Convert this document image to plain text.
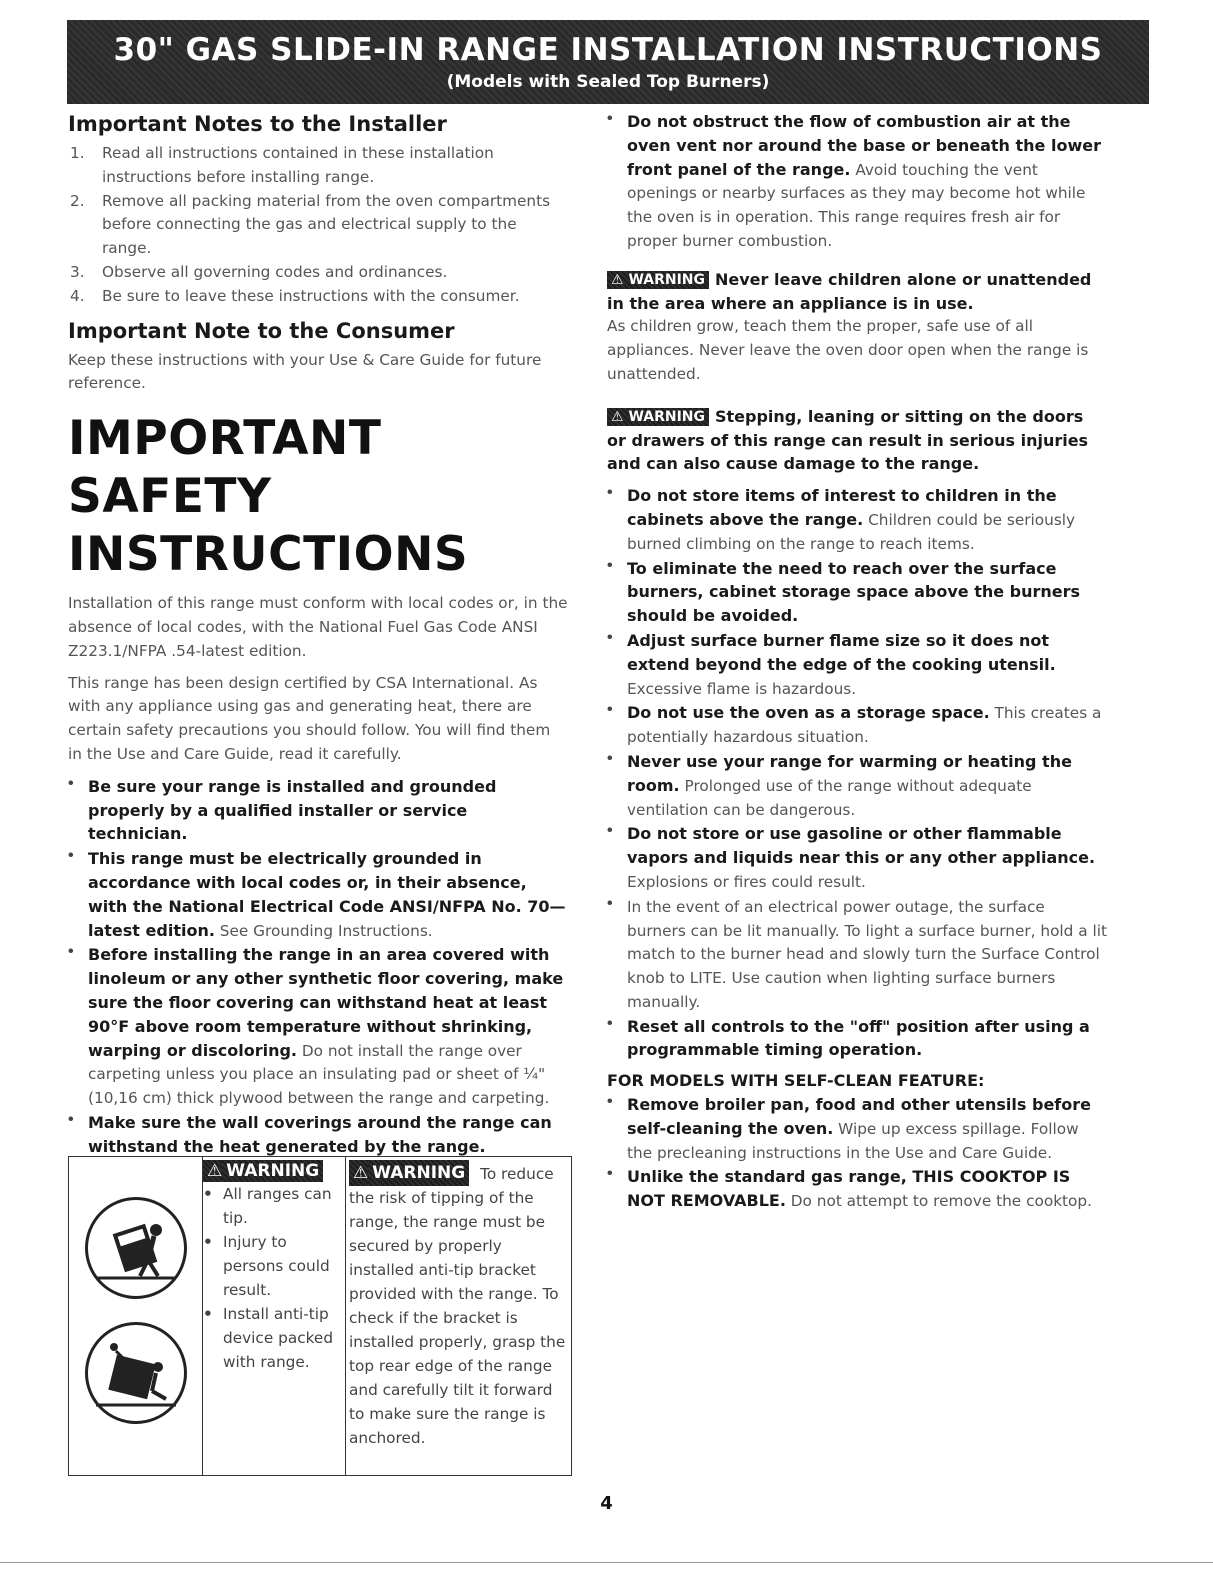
30" GAS SLIDE-IN RANGE INSTALLATION INSTRUCTIONS
(Models with Sealed Top Burners)
Important Notes to the Installer
1. Read all instructions contained in these installation instructions before installing range.
2. Remove all packing material from the oven compartments before connecting the gas and electrical supply to the range.
3. Observe all governing codes and ordinances.
4. Be sure to leave these instructions with the consumer.
Important Note to the Consumer
Keep these instructions with your Use & Care Guide for future reference.
IMPORTANT SAFETY
INSTRUCTIONS
Installation of this range must conform with local codes or, in the absence of local codes, with the National Fuel Gas Code ANSI Z223.1/NFPA .54-latest edition.
This range has been design certified by CSA International. As with any appliance using gas and generating heat, there are certain safety precautions you should follow. You will find them in the Use and Care Guide, read it carefully.
• Be sure your range is installed and grounded properly by a qualified installer or service technician.
• This range must be electrically grounded in accordance with local codes or, in their absence, with the National Electrical Code ANSI/NFPA No. 70—latest edition. See Grounding Instructions.
• Before installing the range in an area covered with linoleum or any other synthetic floor covering, make sure the floor covering can withstand heat at least 90°F above room temperature without shrinking, warping or discoloring. Do not install the range over carpeting unless you place an insulating pad or sheet of ¼" (10,16 cm) thick plywood between the range and carpeting.
• Make sure the wall coverings around the range can withstand the heat generated by the range.
⚠ WARNING
• All ranges can tip.
• Injury to persons could result.
• Install anti-tip device packed with range.
⚠ WARNING To reduce the risk of tipping of the range, the range must be secured by properly installed anti-tip bracket provided with the range. To check if the bracket is installed properly, grasp the top rear edge of the range and carefully tilt it forward to make sure the range is anchored.
• Do not obstruct the flow of combustion air at the oven vent nor around the base or beneath the lower front panel of the range. Avoid touching the vent openings or nearby surfaces as they may become hot while the oven is in operation. This range requires fresh air for proper burner combustion.
⚠ WARNING Never leave children alone or unattended in the area where an appliance is in use.
As children grow, teach them the proper, safe use of all appliances. Never leave the oven door open when the range is unattended.
⚠ WARNING Stepping, leaning or sitting on the doors or drawers of this range can result in serious injuries and can also cause damage to the range.
• Do not store items of interest to children in the cabinets above the range. Children could be seriously burned climbing on the range to reach items.
• To eliminate the need to reach over the surface burners, cabinet storage space above the burners should be avoided.
• Adjust surface burner flame size so it does not extend beyond the edge of the cooking utensil. Excessive flame is hazardous.
• Do not use the oven as a storage space. This creates a potentially hazardous situation.
• Never use your range for warming or heating the room. Prolonged use of the range without adequate ventilation can be dangerous.
• Do not store or use gasoline or other flammable vapors and liquids near this or any other appliance. Explosions or fires could result.
• In the event of an electrical power outage, the surface burners can be lit manually. To light a surface burner, hold a lit match to the burner head and slowly turn the Surface Control knob to LITE. Use caution when lighting surface burners manually.
• Reset all controls to the "off" position after using a programmable timing operation.
FOR MODELS WITH SELF-CLEAN FEATURE:
• Remove broiler pan, food and other utensils before self-cleaning the oven. Wipe up excess spillage. Follow the precleaning instructions in the Use and Care Guide.
• Unlike the standard gas range, THIS COOKTOP IS NOT REMOVABLE. Do not attempt to remove the cooktop.
4
